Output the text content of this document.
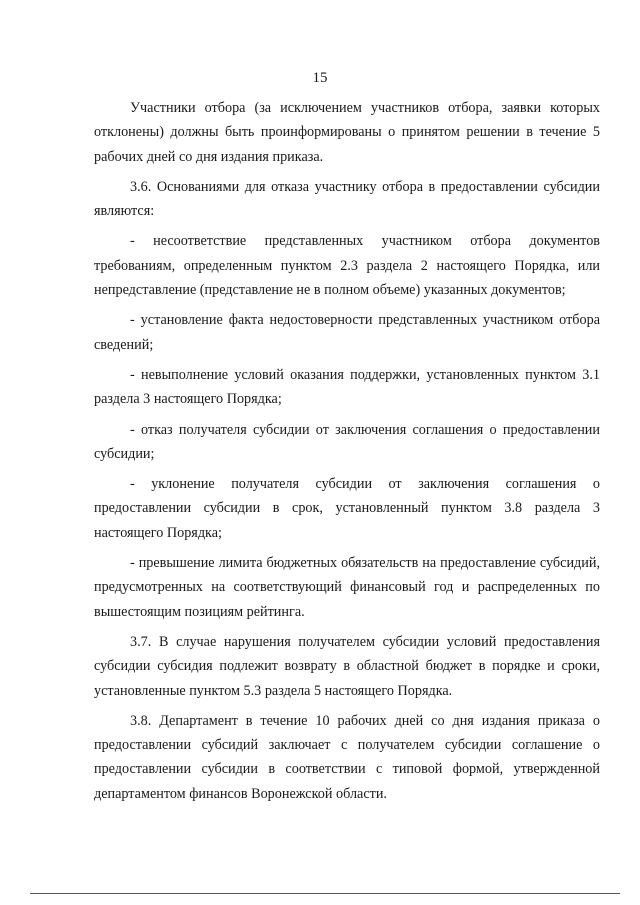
15

Участники отбора (за исключением участников отбора, заявки которых отклонены) должны быть проинформированы о принятом решении в течение 5 рабочих дней со дня издания приказа.

3.6. Основаниями для отказа участнику отбора в предоставлении субсидии являются:

- несоответствие представленных участником отбора документов требованиям, определенным пунктом 2.3 раздела 2 настоящего Порядка, или непредставление (представление не в полном объеме) указанных документов;

- установление факта недостоверности представленных участником отбора сведений;

- невыполнение условий оказания поддержки, установленных пунктом 3.1 раздела 3 настоящего Порядка;

- отказ получателя субсидии от заключения соглашения о предоставлении субсидии;

- уклонение получателя субсидии от заключения соглашения о предоставлении субсидии в срок, установленный пунктом 3.8 раздела 3 настоящего Порядка;

- превышение лимита бюджетных обязательств на предоставление субсидий, предусмотренных на соответствующий финансовый год и распределенных по вышестоящим позициям рейтинга.

3.7. В случае нарушения получателем субсидии условий предоставления субсидии субсидия подлежит возврату в областной бюджет в порядке и сроки, установленные пунктом 5.3 раздела 5 настоящего Порядка.

3.8. Департамент в течение 10 рабочих дней со дня издания приказа о предоставлении субсидий заключает с получателем субсидии соглашение о предоставлении субсидии в соответствии с типовой формой, утвержденной департаментом финансов Воронежской области.
